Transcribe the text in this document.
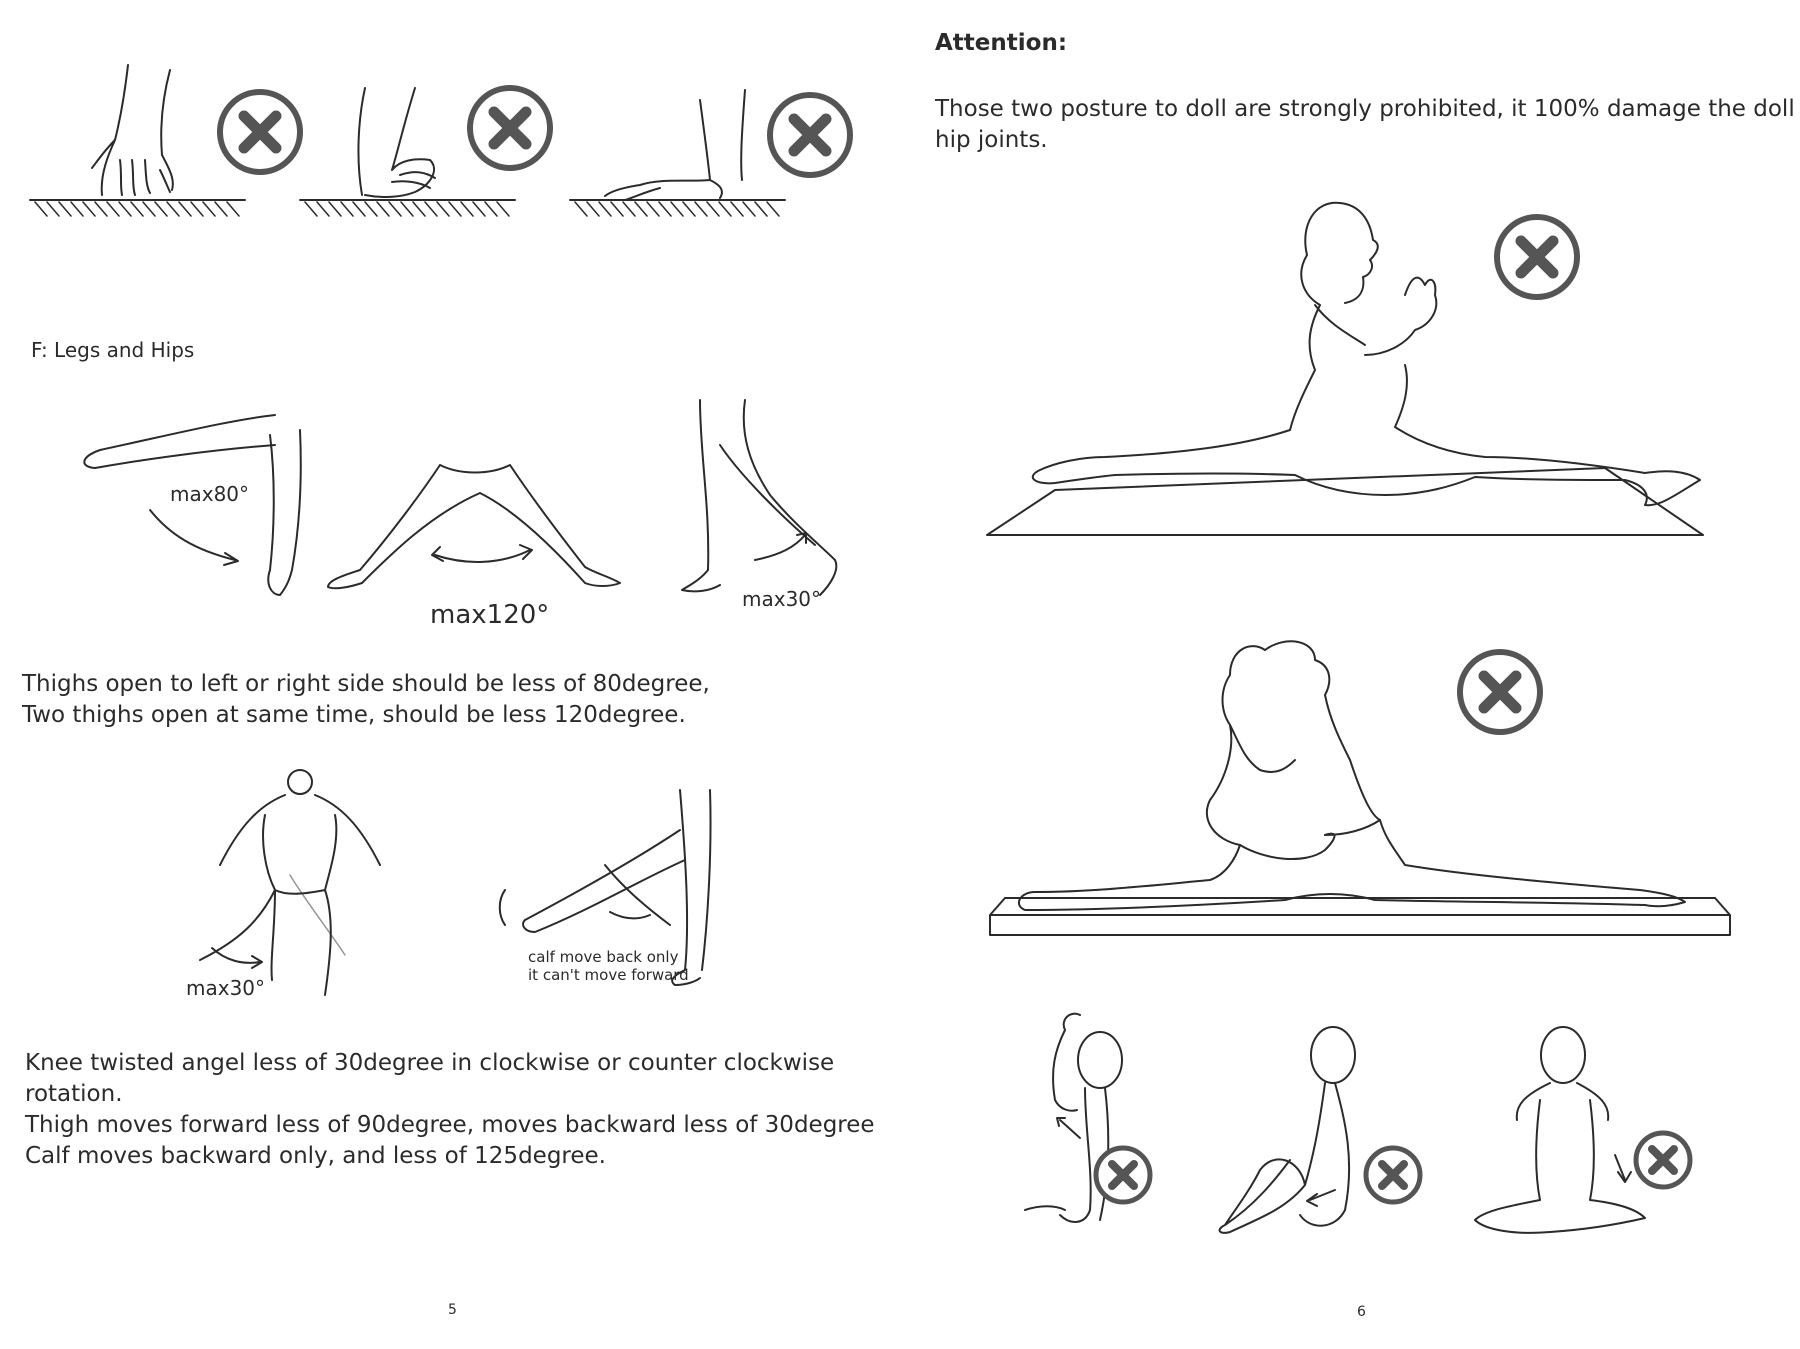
F: Legs and Hips
max80°
max120°
max30°
Thighs open to left or right side should be less of 80degree,
Two thighs open at same time, should be less 120degree.
max30°
calf move back only
it can't move forward
Knee twisted angel less of 30degree in clockwise or counter clockwise
rotation.
Thigh moves forward less of 90degree, moves backward less of 30degree
Calf moves backward only, and less of 125degree.
5
Attention:
Those two posture to doll are strongly prohibited, it 100% damage the doll
hip joints.
6
